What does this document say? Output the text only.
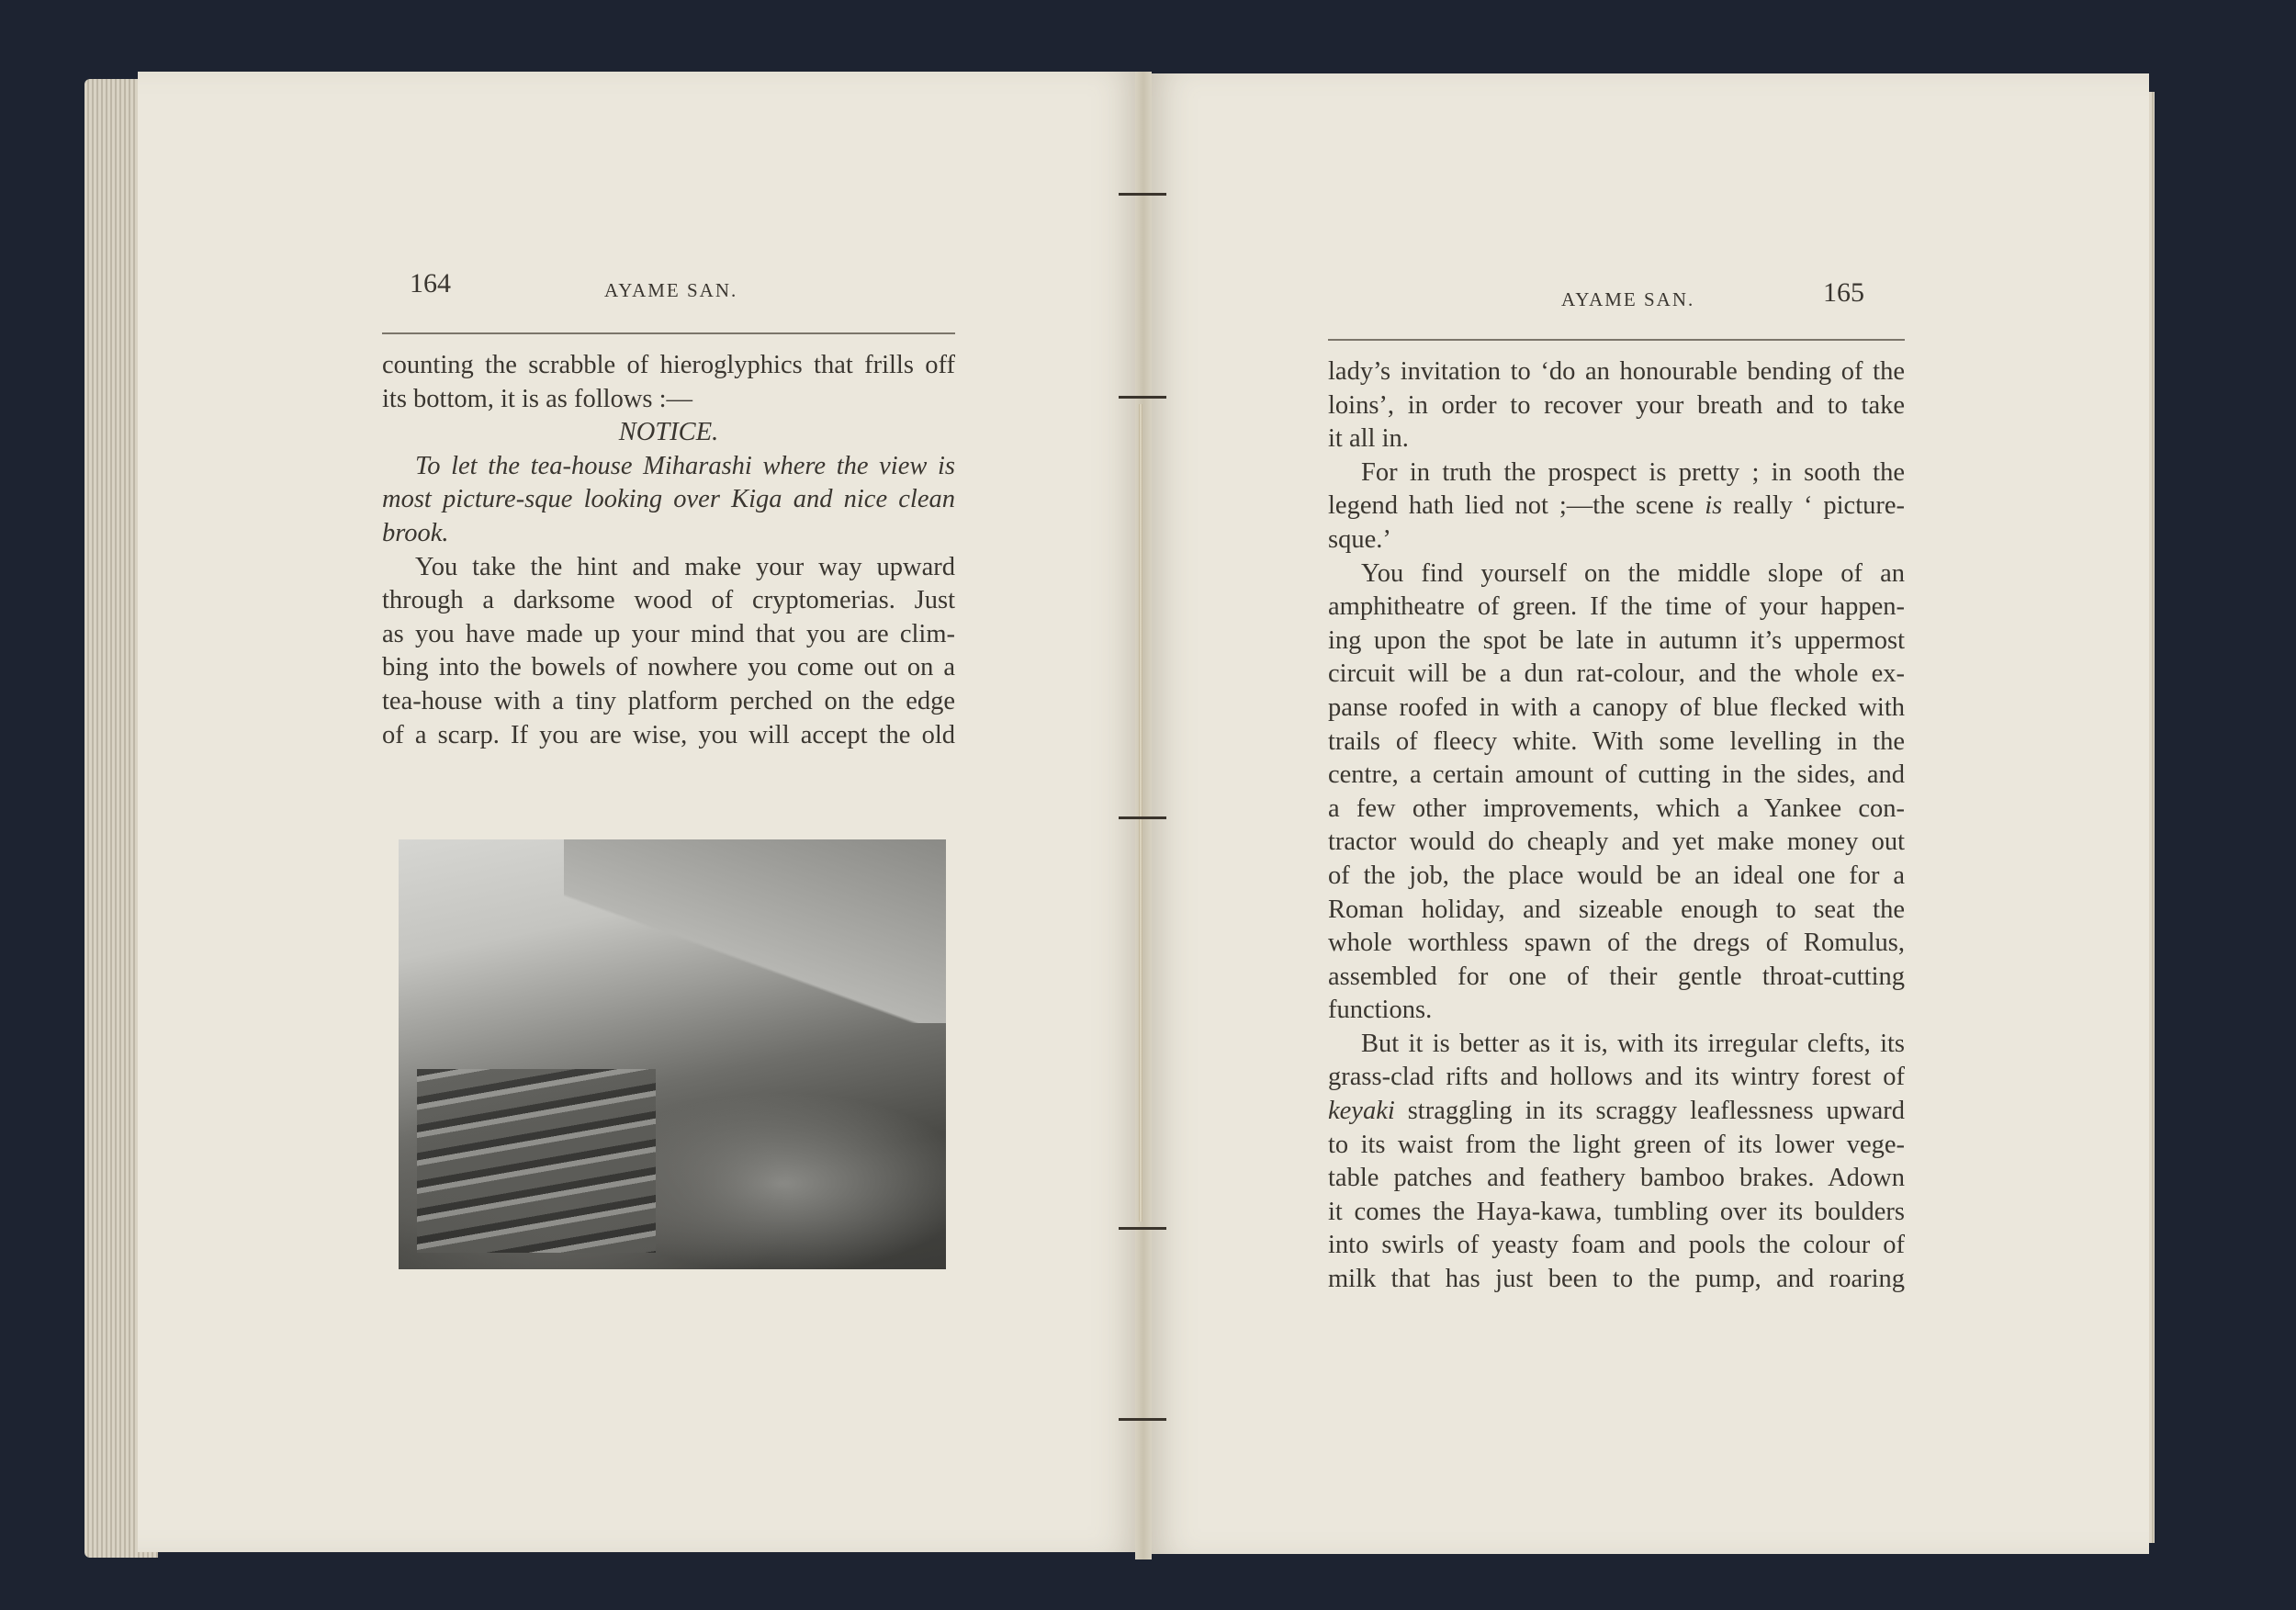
164	AYAME SAN.
counting the scrabble of hieroglyphics that frills off
its bottom, it is as follows :—
NOTICE.
To let the tea-house Miharashi where the view is
most picture-sque looking over Kiga and nice clean
brook.
You take the hint and make your way upward
through a darksome wood of cryptomerias. Just
as you have made up your mind that you are clim-
bing into the bowels of nowhere you come out on a
tea-house with a tiny platform perched on the edge
of a scarp. If you are wise, you will accept the old
AYAME SAN.	165
lady’s invitation to ‘do an honourable bending of the
loins’, in order to recover your breath and to take
it all in.
For in truth the prospect is pretty ; in sooth the
legend hath lied not ;—the scene is really ‘ picture-
sque.’
You find yourself on the middle slope of an
amphitheatre of green. If the time of your happen-
ing upon the spot be late in autumn it’s uppermost
circuit will be a dun rat-colour, and the whole ex-
panse roofed in with a canopy of blue flecked with
trails of fleecy white. With some levelling in the
centre, a certain amount of cutting in the sides, and
a few other improvements, which a Yankee con-
tractor would do cheaply and yet make money out
of the job, the place would be an ideal one for a
Roman holiday, and sizeable enough to seat the
whole worthless spawn of the dregs of Romulus,
assembled for one of their gentle throat-cutting
functions.
But it is better as it is, with its irregular clefts, its
grass-clad rifts and hollows and its wintry forest of
keyaki straggling in its scraggy leaflessness upward
to its waist from the light green of its lower vege-
table patches and feathery bamboo brakes. Adown
it comes the Haya-kawa, tumbling over its boulders
into swirls of yeasty foam and pools the colour of
milk that has just been to the pump, and roaring
